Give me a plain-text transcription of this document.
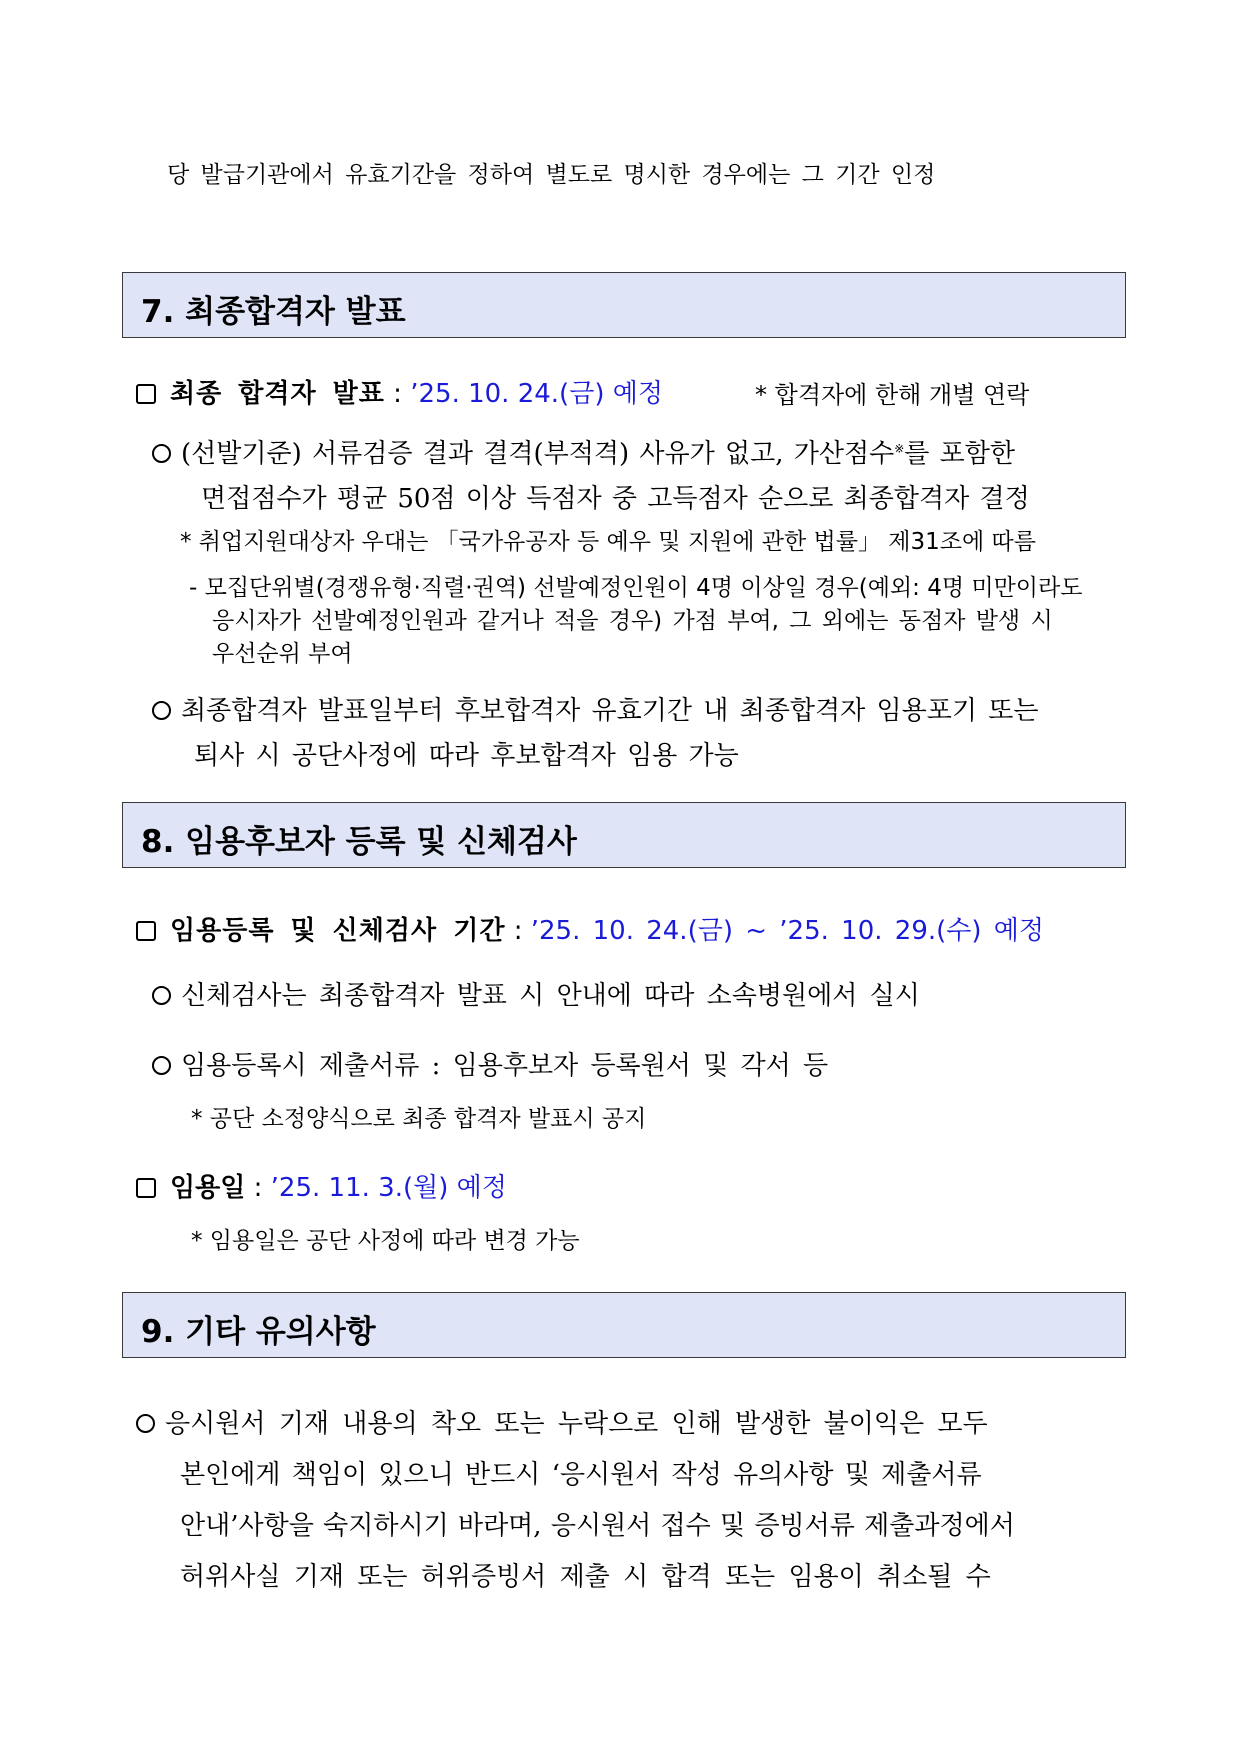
당 발급기관에서 유효기간을 정하여 별도로 명시한 경우에는 그 기간 인정
7. 최종합격자 발표
최종 합격자 발표 : ’25. 10. 24.(금) 예정	* 합격자에 한해 개별 연락
(선발기준) 서류검증 결과 결격(부적격) 사유가 없고, 가산점수※를 포함한
면접점수가 평균 50점 이상 득점자 중 고득점자 순으로 최종합격자 결정
* 취업지원대상자 우대는 「국가유공자 등 예우 및 지원에 관한 법률」 제31조에 따름
- 모집단위별(경쟁유형·직렬·권역) 선발예정인원이 4명 이상일 경우(예외: 4명 미만이라도
응시자가 선발예정인원과 같거나 적을 경우) 가점 부여, 그 외에는 동점자 발생 시
우선순위 부여
최종합격자 발표일부터 후보합격자 유효기간 내 최종합격자 임용포기 또는
퇴사 시 공단사정에 따라 후보합격자 임용 가능
8. 임용후보자 등록 및 신체검사
임용등록 및 신체검사 기간 : ’25. 10. 24.(금) ~ ’25. 10. 29.(수) 예정
신체검사는 최종합격자 발표 시 안내에 따라 소속병원에서 실시
임용등록시 제출서류 : 임용후보자 등록원서 및 각서 등
* 공단 소정양식으로 최종 합격자 발표시 공지
임용일 : ’25. 11. 3.(월) 예정
* 임용일은 공단 사정에 따라 변경 가능
9. 기타 유의사항
응시원서 기재 내용의 착오 또는 누락으로 인해 발생한 불이익은 모두
본인에게 책임이 있으니 반드시 ‘응시원서 작성 유의사항 및 제출서류
안내’사항을 숙지하시기 바라며, 응시원서 접수 및 증빙서류 제출과정에서
허위사실 기재 또는 허위증빙서 제출 시 합격 또는 임용이 취소될 수
